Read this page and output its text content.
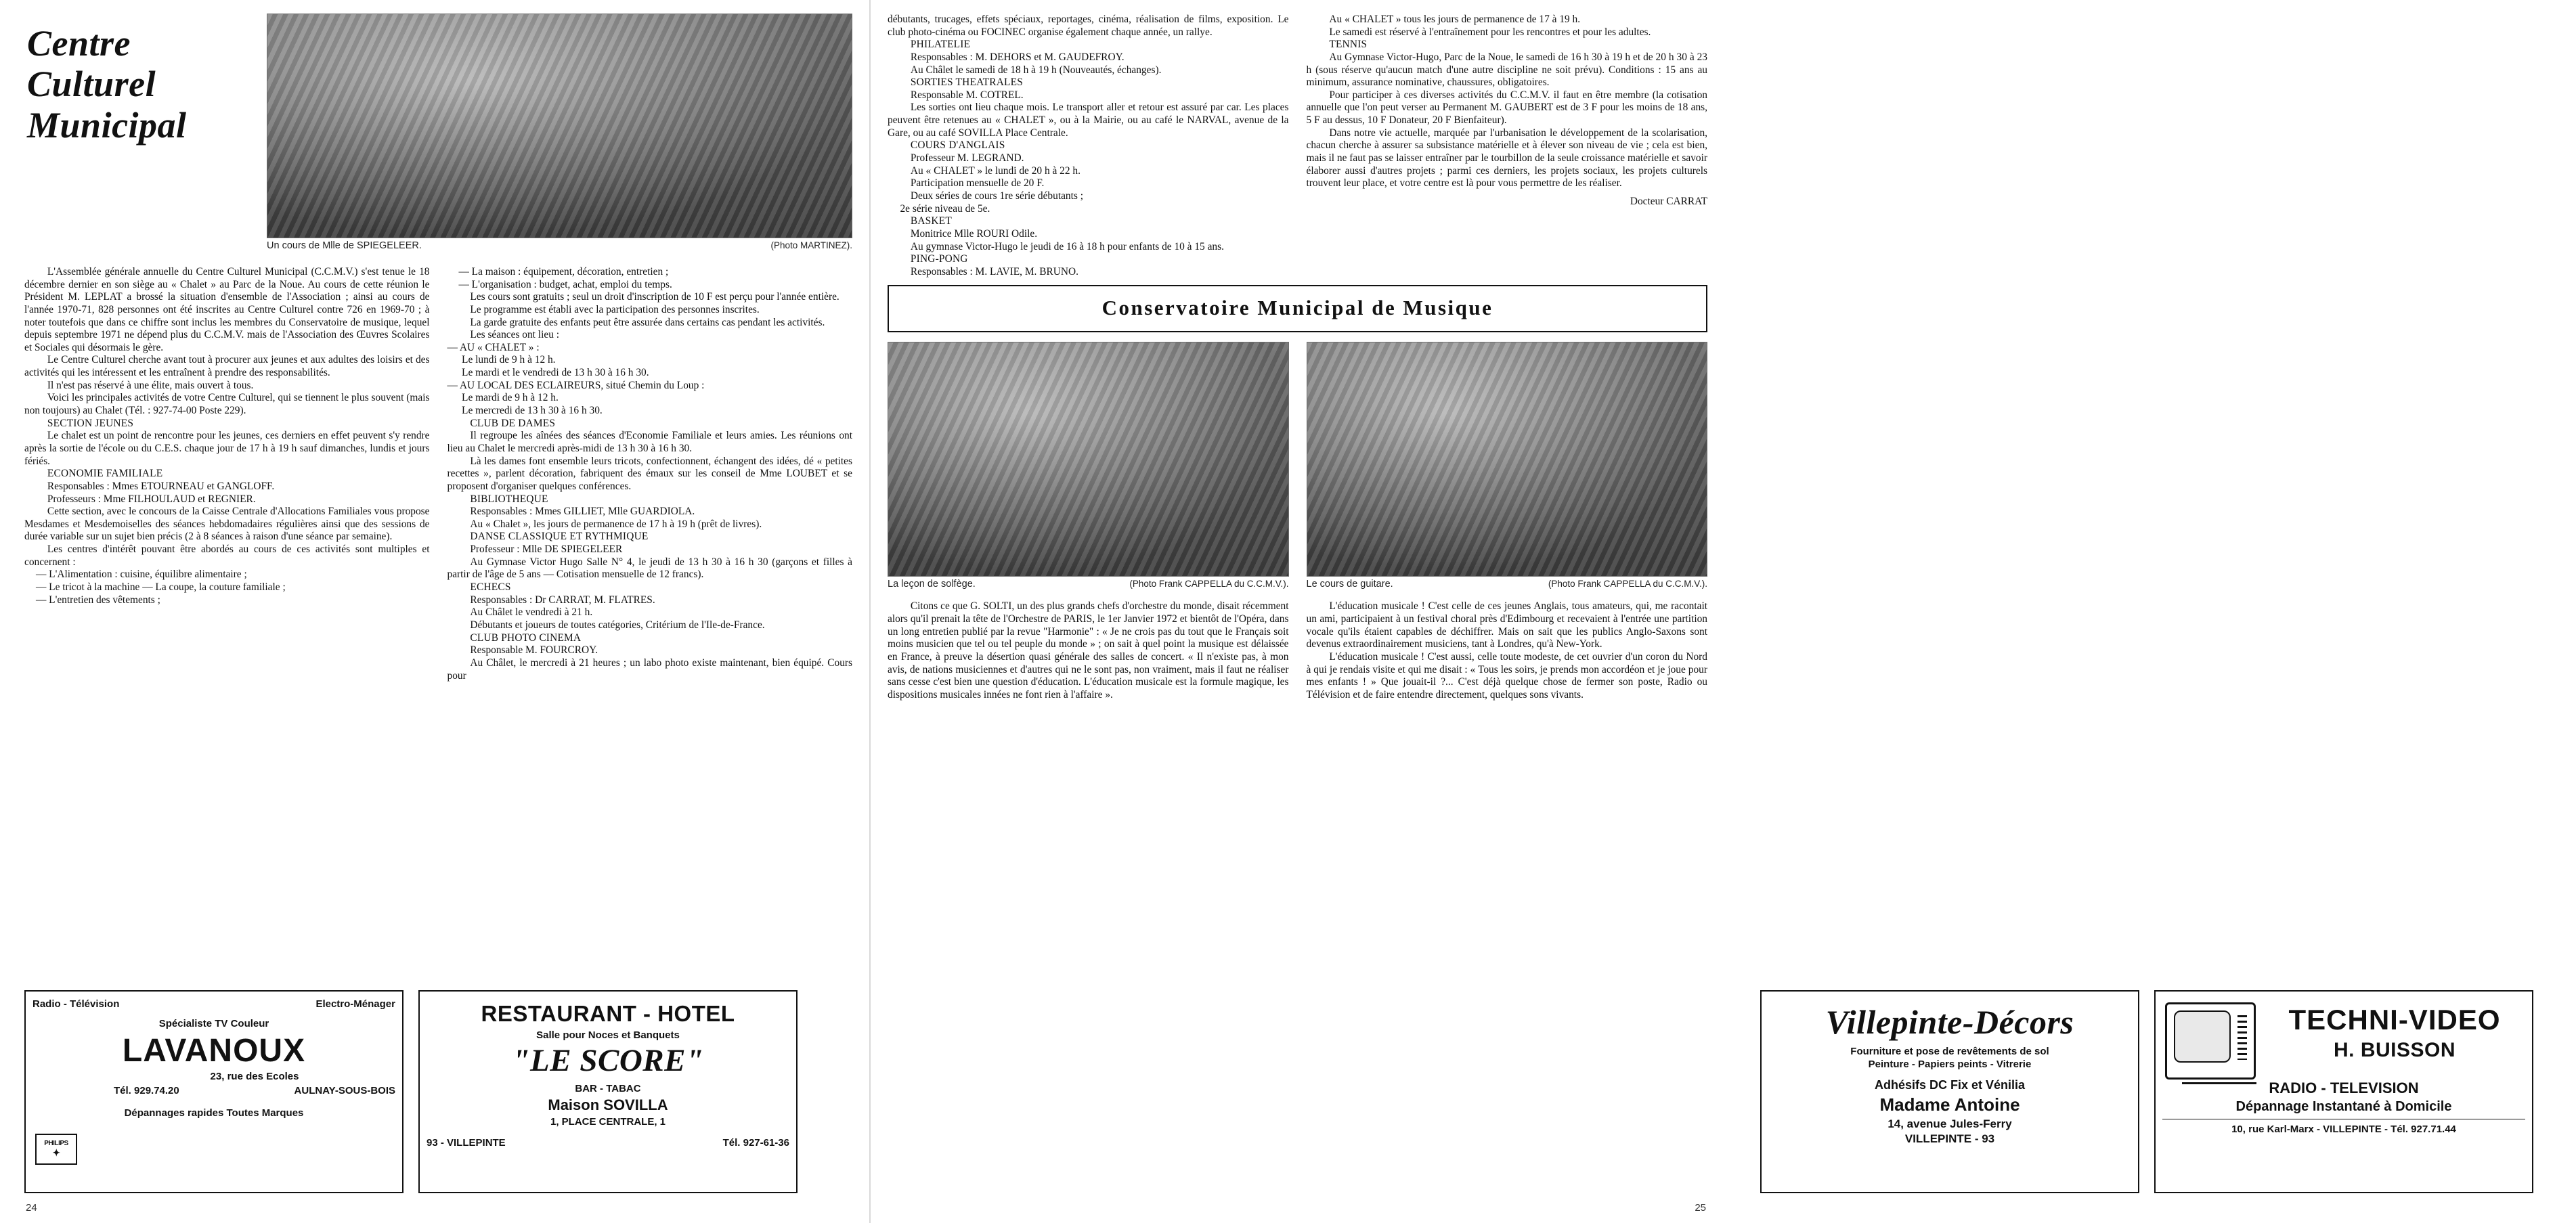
Centre
Culturel
Municipal
Un cours de Mlle de SPIEGELEER.	(Photo MARTINEZ).

L'Assemblée générale annuelle du Centre Culturel Municipal (C.C.M.V.) s'est tenue le 18 décembre dernier en son siège au « Chalet » au Parc de la Noue. Au cours de cette réunion le Président M. LEPLAT a brossé la situation d'ensemble de l'Association ; ainsi au cours de l'année 1970-71, 828 personnes ont été inscrites au Centre Culturel contre 726 en 1969-70 ; à noter toutefois que dans ce chiffre sont inclus les membres du Conservatoire de musique, lequel depuis septembre 1971 ne dépend plus du C.C.M.V. mais de l'Association des Œuvres Scolaires et Sociales qui désormais le gère.

Le Centre Culturel cherche avant tout à procurer aux jeunes et aux adultes des loisirs et des activités qui les intéressent et les entraînent à prendre des responsabilités.

Il n'est pas réservé à une élite, mais ouvert à tous.

Voici les principales activités de votre Centre Culturel, qui se tiennent le plus souvent (mais non toujours) au Chalet (Tél. : 927-74-00 Poste 229).

SECTION JEUNES

Le chalet est un point de rencontre pour les jeunes, ces derniers en effet peuvent s'y rendre après la sortie de l'école ou du C.E.S. chaque jour de 17 h à 19 h sauf dimanches, lundis et jours fériés.

ECONOMIE FAMILIALE

Responsables : Mmes ETOURNEAU et GANGLOFF.

Professeurs : Mme FILHOULAUD et REGNIER.

Cette section, avec le concours de la Caisse Centrale d'Allocations Familiales vous propose Mesdames et Mesdemoiselles des séances hebdomadaires régulières ainsi que des sessions de durée variable sur un sujet bien précis (2 à 8 séances à raison d'une séance par semaine).

Les centres d'intérêt pouvant être abordés au cours de ces activités sont multiples et concernent :

— L'Alimentation : cuisine, équilibre alimentaire ;

— Le tricot à la machine — La coupe, la couture familiale ;

— L'entretien des vêtements ;

— La maison : équipement, décoration, entretien ;

— L'organisation : budget, achat, emploi du temps.

Les cours sont gratuits ; seul un droit d'inscription de 10 F est perçu pour l'année entière.

Le programme est établi avec la participation des personnes inscrites.

La garde gratuite des enfants peut être assurée dans certains cas pendant les activités.

Les séances ont lieu :

— AU « CHALET » :

Le lundi de 9 h à 12 h.

Le mardi et le vendredi de 13 h 30 à 16 h 30.

— AU LOCAL DES ECLAIREURS, situé Chemin du Loup :

Le mardi de 9 h à 12 h.

Le mercredi de 13 h 30 à 16 h 30.

CLUB DE DAMES

Il regroupe les aînées des séances d'Economie Familiale et leurs amies. Les réunions ont lieu au Chalet le mercredi après-midi de 13 h 30 à 16 h 30.

Là les dames font ensemble leurs tricots, confectionnent, échangent des idées, dé « petites recettes », parlent décoration, fabriquent des émaux sur les conseil de Mme LOUBET et se proposent d'organiser quelques conférences.

BIBLIOTHEQUE

Responsables : Mmes GILLIET, Mlle GUARDIOLA.

Au « Chalet », les jours de permanence de 17 h à 19 h (prêt de livres).

DANSE CLASSIQUE ET RYTHMIQUE

Professeur : Mlle DE SPIEGELEER

Au Gymnase Victor Hugo Salle N° 4, le jeudi de 13 h 30 à 16 h 30 (garçons et filles à partir de l'âge de 5 ans — Cotisation mensuelle de 12 francs).

ECHECS

Responsables : Dr CARRAT, M. FLATRES.

Au Châlet le vendredi à 21 h.

Débutants et joueurs de toutes catégories, Critérium de l'Ile-de-France.

CLUB PHOTO CINEMA

Responsable M. FOURCROY.

Au Châlet, le mercredi à 21 heures ; un labo photo existe maintenant, bien équipé. Cours pour

Radio - Télévision	Electro-Ménager
Spécialiste TV Couleur
LAVANOUX
PHILIPS
✦
23, rue des Ecoles
Tél. 929.74.20	AULNAY-SOUS-BOIS
Dépannages rapides Toutes Marques
RESTAURANT - HOTEL
Salle pour Noces et Banquets
"LE SCORE"
BAR - TABAC
Maison SOVILLA
1, PLACE CENTRALE, 1
93 - VILLEPINTE	Tél. 927-61-36
24

débutants, trucages, effets spéciaux, reportages, cinéma, réalisation de films, exposition. Le club photo-cinéma ou FOCINEC organise également chaque année, un rallye.

PHILATELIE

Responsables : M. DEHORS et M. GAUDEFROY.

Au Châlet le samedi de 18 h à 19 h (Nouveautés, échanges).

SORTIES THEATRALES

Responsable M. COTREL.

Les sorties ont lieu chaque mois. Le transport aller et retour est assuré par car. Les places peuvent être retenues au « CHALET », ou à la Mairie, ou au café le NARVAL, avenue de la Gare, ou au café SOVILLA Place Centrale.

COURS D'ANGLAIS

Professeur M. LEGRAND.

Au « CHALET » le lundi de 20 h à 22 h.

Participation mensuelle de 20 F.

Deux séries de cours 1re série débutants ;

2e série niveau de 5e.

BASKET

Monitrice Mlle ROURI Odile.

Au gymnase Victor-Hugo le jeudi de 16 à 18 h pour enfants de 10 à 15 ans.

PING-PONG

Responsables : M. LAVIE, M. BRUNO.

Au « CHALET » tous les jours de permanence de 17 à 19 h.

Le samedi est réservé à l'entraînement pour les rencontres et pour les adultes.

TENNIS

Au Gymnase Victor-Hugo, Parc de la Noue, le samedi de 16 h 30 à 19 h et de 20 h 30 à 23 h (sous réserve qu'aucun match d'une autre discipline ne soit prévu). Conditions : 15 ans au minimum, assurance nominative, chaussures, obligatoires.

Pour participer à ces diverses activités du C.C.M.V. il faut en être membre (la cotisation annuelle que l'on peut verser au Permanent M. GAUBERT est de 3 F pour les moins de 18 ans, 5 F au dessus, 10 F Donateur, 20 F Bienfaiteur).

Dans notre vie actuelle, marquée par l'urbanisation le développement de la scolarisation, chacun cherche à assurer sa subsistance matérielle et à élever son niveau de vie ; cela est bien, mais il ne faut pas se laisser entraîner par le tourbillon de la seule croissance matérielle et savoir élaborer aussi d'autres projets ; parmi ces derniers, les projets sociaux, les projets culturels trouvent leur place, et votre centre est là pour vous permettre de les réaliser.

Docteur CARRAT

Conservatoire Municipal de Musique
La leçon de solfège.	(Photo Frank CAPPELLA du C.C.M.V.). Le cours de guitare.	(Photo Frank CAPPELLA du C.C.M.V.).

Citons ce que G. SOLTI, un des plus grands chefs d'orchestre du monde, disait récemment alors qu'il prenait la tête de l'Orchestre de PARIS, le 1er Janvier 1972 et bientôt de l'Opéra, dans un long entretien publié par la revue "Harmonie" : « Je ne crois pas du tout que le Français soit moins musicien que tel ou tel peuple du monde » ; on sait à quel point la musique est délaissée en France, à preuve la désertion quasi générale des salles de concert. « Il n'existe pas, à mon avis, de nations musiciennes et d'autres qui ne le sont pas, non vraiment, mais il faut ne réaliser sans cesse c'est bien une question d'éducation. L'éducation musicale est la formule magique, les dispositions musicales innées ne font rien à l'affaire ».

L'éducation musicale ! C'est celle de ces jeunes Anglais, tous amateurs, qui, me racontait un ami, participaient à un festival choral près d'Edimbourg et recevaient à l'entrée une partition vocale qu'ils étaient capables de déchiffrer. Mais on sait que les publics Anglo-Saxons sont devenus extraordinairement musiciens, tant à Londres, qu'à New-York.

L'éducation musicale ! C'est aussi, celle toute modeste, de cet ouvrier d'un coron du Nord à qui je rendais visite et qui me disait : « Tous les soirs, je prends mon accordéon et je joue pour mes enfants ! » Que jouait-il ?... C'est déjà quelque chose de fermer son poste, Radio ou Télévision et de faire entendre directement, quelques sons vivants.

Villepinte-Décors
Fourniture et pose de revêtements de sol
Peinture - Papiers peints - Vitrerie
Adhésifs DC Fix et Vénilia
Madame Antoine
14, avenue Jules-Ferry
VILLEPINTE - 93
TECHNI-VIDEO
H. BUISSON
RADIO - TELEVISION
Dépannage Instantané à Domicile
10, rue Karl-Marx - VILLEPINTE - Tél. 927.71.44
25
